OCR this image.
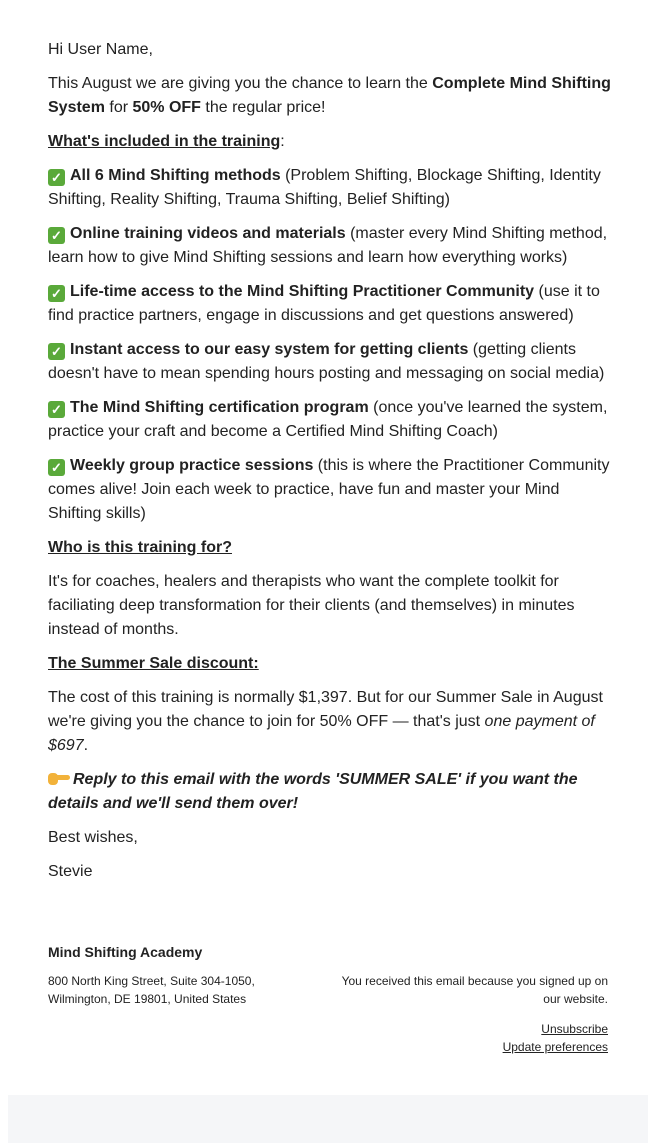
Hi User Name,

This August we are giving you the chance to learn the Complete Mind Shifting System for 50% OFF the regular price!

What's included in the training:

✓ All 6 Mind Shifting methods (Problem Shifting, Blockage Shifting, Identity Shifting, Reality Shifting, Trauma Shifting, Belief Shifting)

✓ Online training videos and materials (master every Mind Shifting method, learn how to give Mind Shifting sessions and learn how everything works)

✓ Life-time access to the Mind Shifting Practitioner Community (use it to find practice partners, engage in discussions and get questions answered)

✓ Instant access to our easy system for getting clients (getting clients doesn't have to mean spending hours posting and messaging on social media)

✓ The Mind Shifting certification program (once you've learned the system, practice your craft and become a Certified Mind Shifting Coach)

✓ Weekly group practice sessions (this is where the Practitioner Community comes alive! Join each week to practice, have fun and master your Mind Shifting skills)

Who is this training for?

It's for coaches, healers and therapists who want the complete toolkit for faciliating deep transformation for their clients (and themselves) in minutes instead of months.

The Summer Sale discount:

The cost of this training is normally $1,397. But for our Summer Sale in August we're giving you the chance to join for 50% OFF — that's just one payment of $697.

Reply to this email with the words 'SUMMER SALE' if you want the details and we'll send them over!

Best wishes,

Stevie

Mind Shifting Academy
800 North King Street, Suite 304-1050,
Wilmington, DE 19801, United States
You received this email because you signed up on our website.
Unsubscribe
Update preferences
